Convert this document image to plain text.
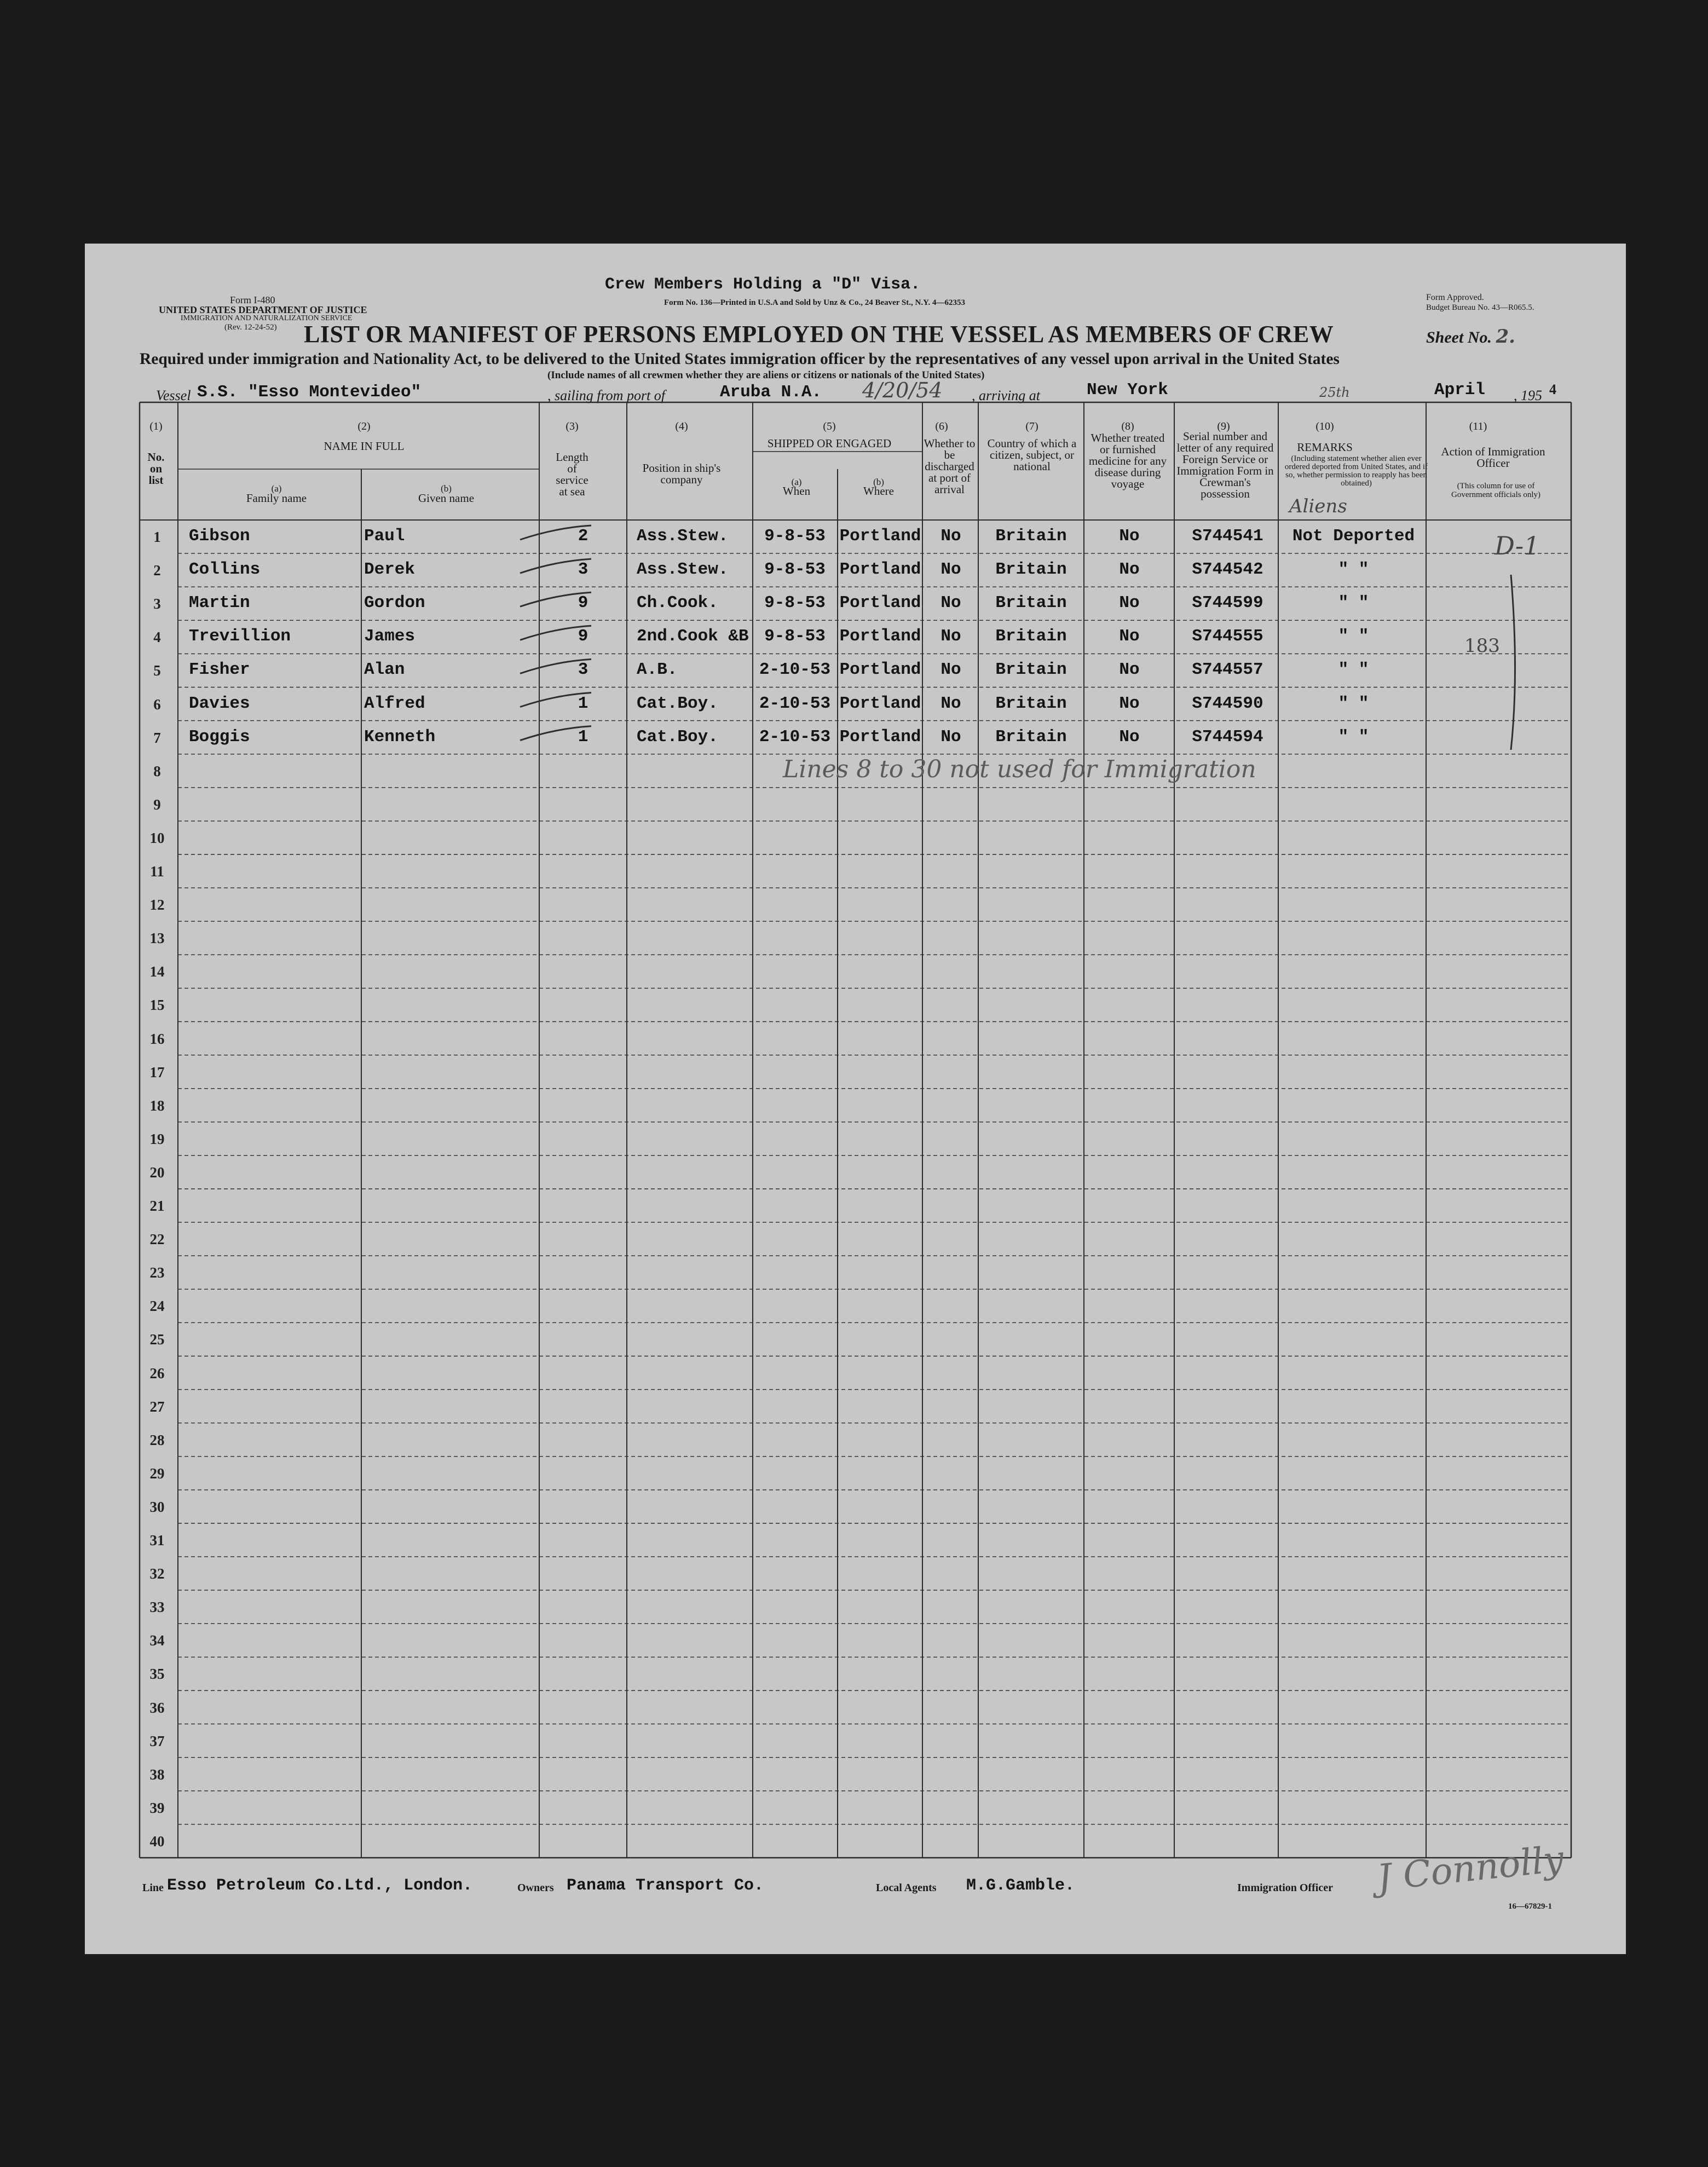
Crew Members Holding a "D" Visa.
Form I-480
UNITED STATES DEPARTMENT OF JUSTICE
IMMIGRATION AND NATURALIZATION SERVICE
(Rev. 12-24-52)
Form No. 136—Printed in U.S.A and Sold by Unz & Co., 24 Beaver St., N.Y. 4—62353
Form Approved.
Budget Bureau No. 43—R065.5.
LIST OR MANIFEST OF PERSONS EMPLOYED ON THE VESSEL AS MEMBERS OF CREW	Sheet No. 2.
Required under immigration and Nationality Act, to be delivered to the United States immigration officer by the representatives of any vessel upon arrival in the United States
(Include names of all crewmen whether they are aliens or citizens or nationals of the United States)
Vessel S.S. "Esso Montevideo"	, sailing from port of	Aruba N.A. 4/20/54 , arriving at	New York	25th	April , 195 4
(1)	(2)	(3)	(4)	(5)	(6)	(7)	(8)	(9)	(10)	(11)
No. on list
NAME IN FULL
(a)
Family name
(b)
Given name
Length of service at sea
Position in ship's company
SHIPPED OR ENGAGED
(a)
When
(b)
Where
Whether to be discharged at port of arrival
Country of which a citizen, subject, or national
Whether treated or furnished medicine for any disease during voyage
Serial number and letter of any required Foreign Service or Immigration Form in Crewman's possession
REMARKS
(Including statement whether alien ever ordered deported from United States, and if so, whether permission to reapply has been obtained)
Action of Immigration Officer
(This column for use of Government officials only)
Aliens
1	Gibson	Paul	2	Ass.Stew.	9-8-53 Portland	No	Britain	No	S744541	Not Deported
2	Collins	Derek	3	Ass.Stew.	9-8-53 Portland	No	Britain	No	S744542	" "
3	Martin	Gordon	9	Ch.Cook.	9-8-53 Portland	No	Britain	No	S744599	" "
4	Trevillion	James	9	2nd.Cook &B 9-8-53 Portland	No	Britain	No	S744555	" "
5	Fisher	Alan	3	A.B.	2-10-53 Portland	No	Britain	No	S744557	" "
6	Davies	Alfred	1	Cat.Boy.	2-10-53 Portland	No	Britain	No	S744590	" "
7	Boggis	Kenneth	1	Cat.Boy.	2-10-53 Portland	No	Britain	No	S744594	" "
8
9
10
11
12
13
14
15
16
17
18
19
20
21
22
23
24
25
26
27
28
29
30
31
32
33
34
35
36
37
38
39
40
D-1
183
Lines 8 to 30 not used for Immigration
Line Esso Petroleum Co.Ltd., London.	Owners Panama Transport Co.	Local Agents M.G.Gamble.	Immigration Officer J Connolly
16—67829-1
